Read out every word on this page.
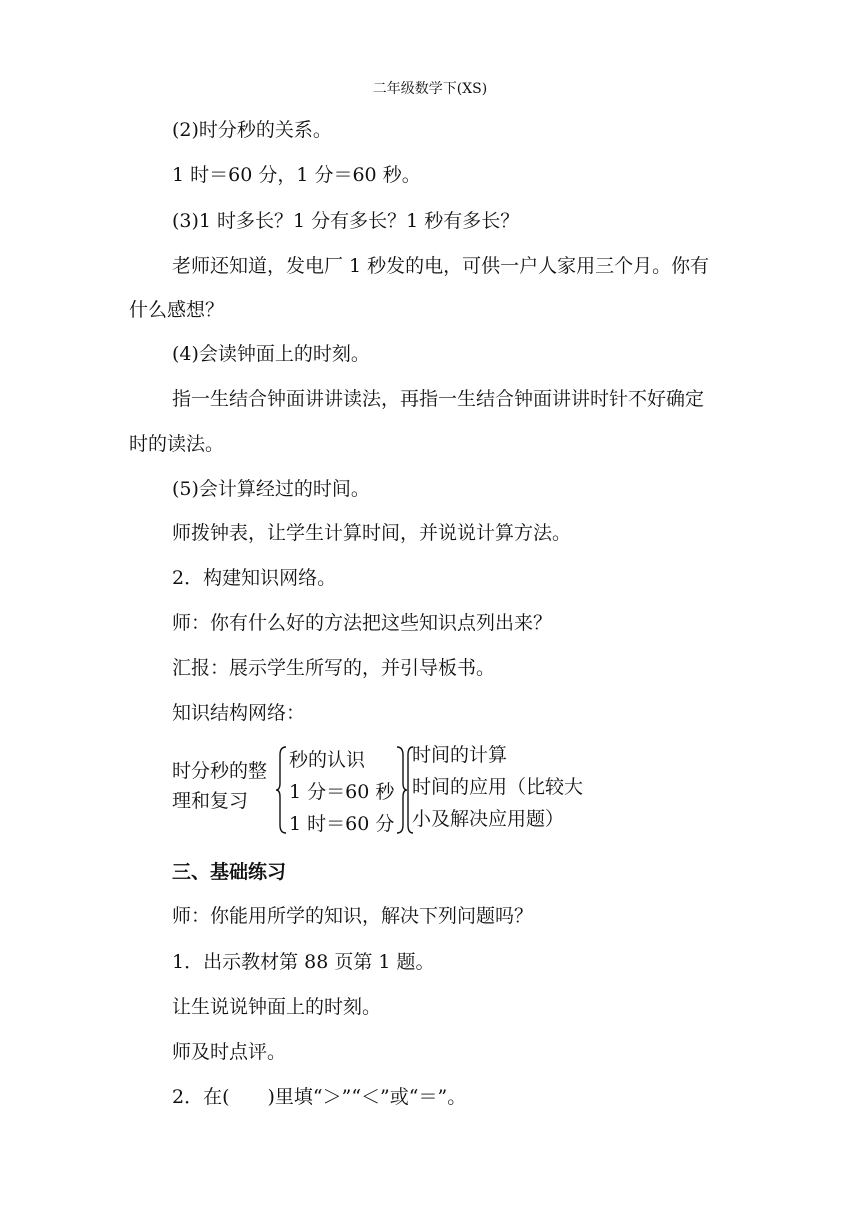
二年级数学下(XS)
(2)时分秒的关系。
1 时＝60 分，1 分＝60 秒。
(3)1 时多长？1 分有多长？1 秒有多长？
老师还知道，发电厂 1 秒发的电，可供一户人家用三个月。你有
什么感想？
(4)会读钟面上的时刻。
指一生结合钟面讲讲读法，再指一生结合钟面讲讲时针不好确定
时的读法。
(5)会计算经过的时间。
师拨钟表，让学生计算时间，并说说计算方法。
2．构建知识网络。
师：你有什么好的方法把这些知识点列出来？
汇报：展示学生所写的，并引导板书。
知识结构网络：
时分秒的整
理和复习
秒的认识
1 分＝60 秒
1 时＝60 分
时间的计算
时间的应用（比较大
小及解决应用题）
三、基础练习
师：你能用所学的知识，解决下列问题吗？
1．出示教材第 88 页第 1 题。
让生说说钟面上的时刻。
师及时点评。
2．在(　　)里填“＞”“＜”或“＝”。
